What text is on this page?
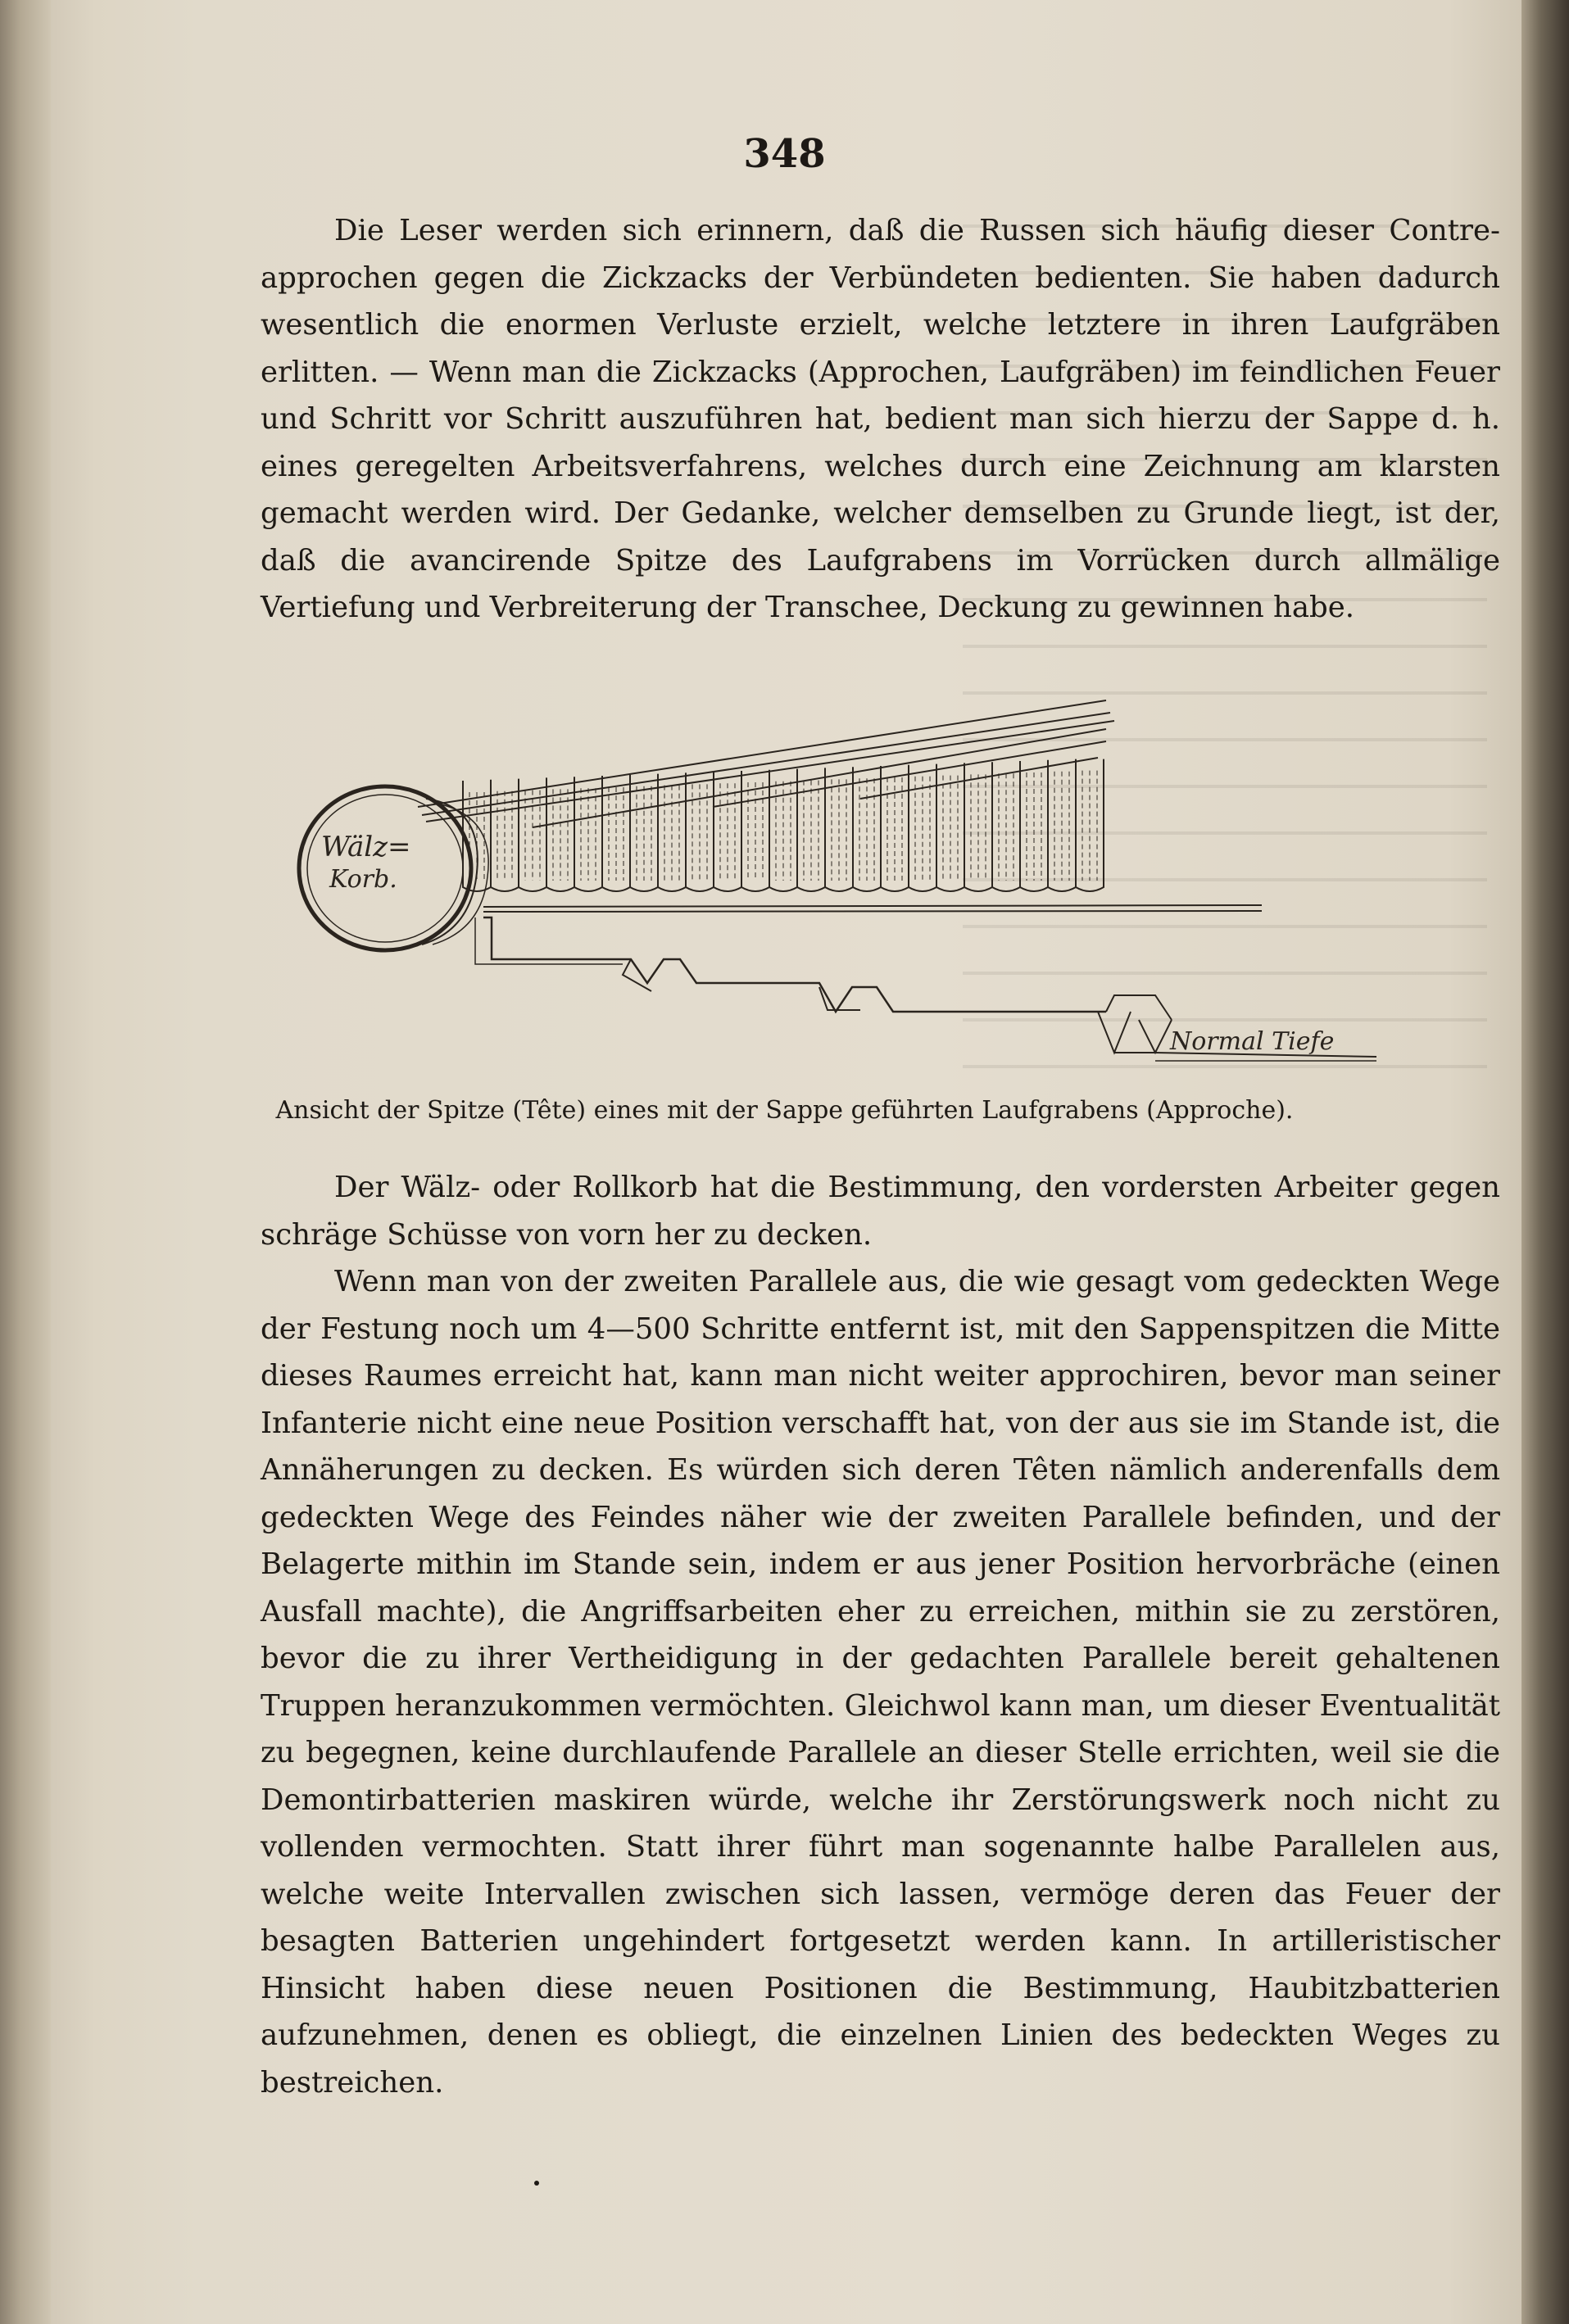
348

Die Leser werden sich erinnern, daß die Russen sich häufig dieser Contre-approchen gegen die Zickzacks der Verbündeten bedienten. Sie haben dadurch wesentlich die enormen Verluste erzielt, welche letztere in ihren Laufgräben erlitten. — Wenn man die Zickzacks (Approchen, Laufgräben) im feindlichen Feuer und Schritt vor Schritt auszuführen hat, bedient man sich hierzu der Sappe d. h. eines geregelten Arbeitsverfahrens, welches durch eine Zeichnung am klarsten gemacht werden wird. Der Gedanke, welcher demselben zu Grunde liegt, ist der, daß die avancirende Spitze des Laufgrabens im Vorrücken durch allmälige Vertiefung und Verbreiterung der Transchee, Deckung zu gewinnen habe.

Wälz=
Korb.
Normal Tiefe
Ansicht der Spitze (Tête) eines mit der Sappe geführten Laufgrabens (Approche).

Der Wälz- oder Rollkorb hat die Bestimmung, den vordersten Arbeiter gegen schräge Schüsse von vorn her zu decken.

Wenn man von der zweiten Parallele aus, die wie gesagt vom gedeckten Wege der Festung noch um 4—500 Schritte entfernt ist, mit den Sappenspitzen die Mitte dieses Raumes erreicht hat, kann man nicht weiter approchiren, bevor man seiner Infanterie nicht eine neue Position verschafft hat, von der aus sie im Stande ist, die Annäherungen zu decken. Es würden sich deren Têten nämlich anderenfalls dem gedeckten Wege des Feindes näher wie der zweiten Parallele befinden, und der Belagerte mithin im Stande sein, indem er aus jener Position hervorbräche (einen Ausfall machte), die Angriffsarbeiten eher zu erreichen, mithin sie zu zerstören, bevor die zu ihrer Vertheidigung in der gedachten Parallele bereit gehaltenen Truppen heranzukommen vermöchten. Gleichwol kann man, um dieser Eventualität zu begegnen, keine durchlaufende Parallele an dieser Stelle errichten, weil sie die Demontirbatterien maskiren würde, welche ihr Zerstörungswerk noch nicht zu vollenden vermochten. Statt ihrer führt man sogenannte halbe Parallelen aus, welche weite Intervallen zwischen sich lassen, vermöge deren das Feuer der besagten Batterien ungehindert fortgesetzt werden kann. In artilleristischer Hinsicht haben diese neuen Positionen die Bestimmung, Haubitzbatterien aufzunehmen, denen es obliegt, die einzelnen Linien des bedeckten Weges zu bestreichen.
